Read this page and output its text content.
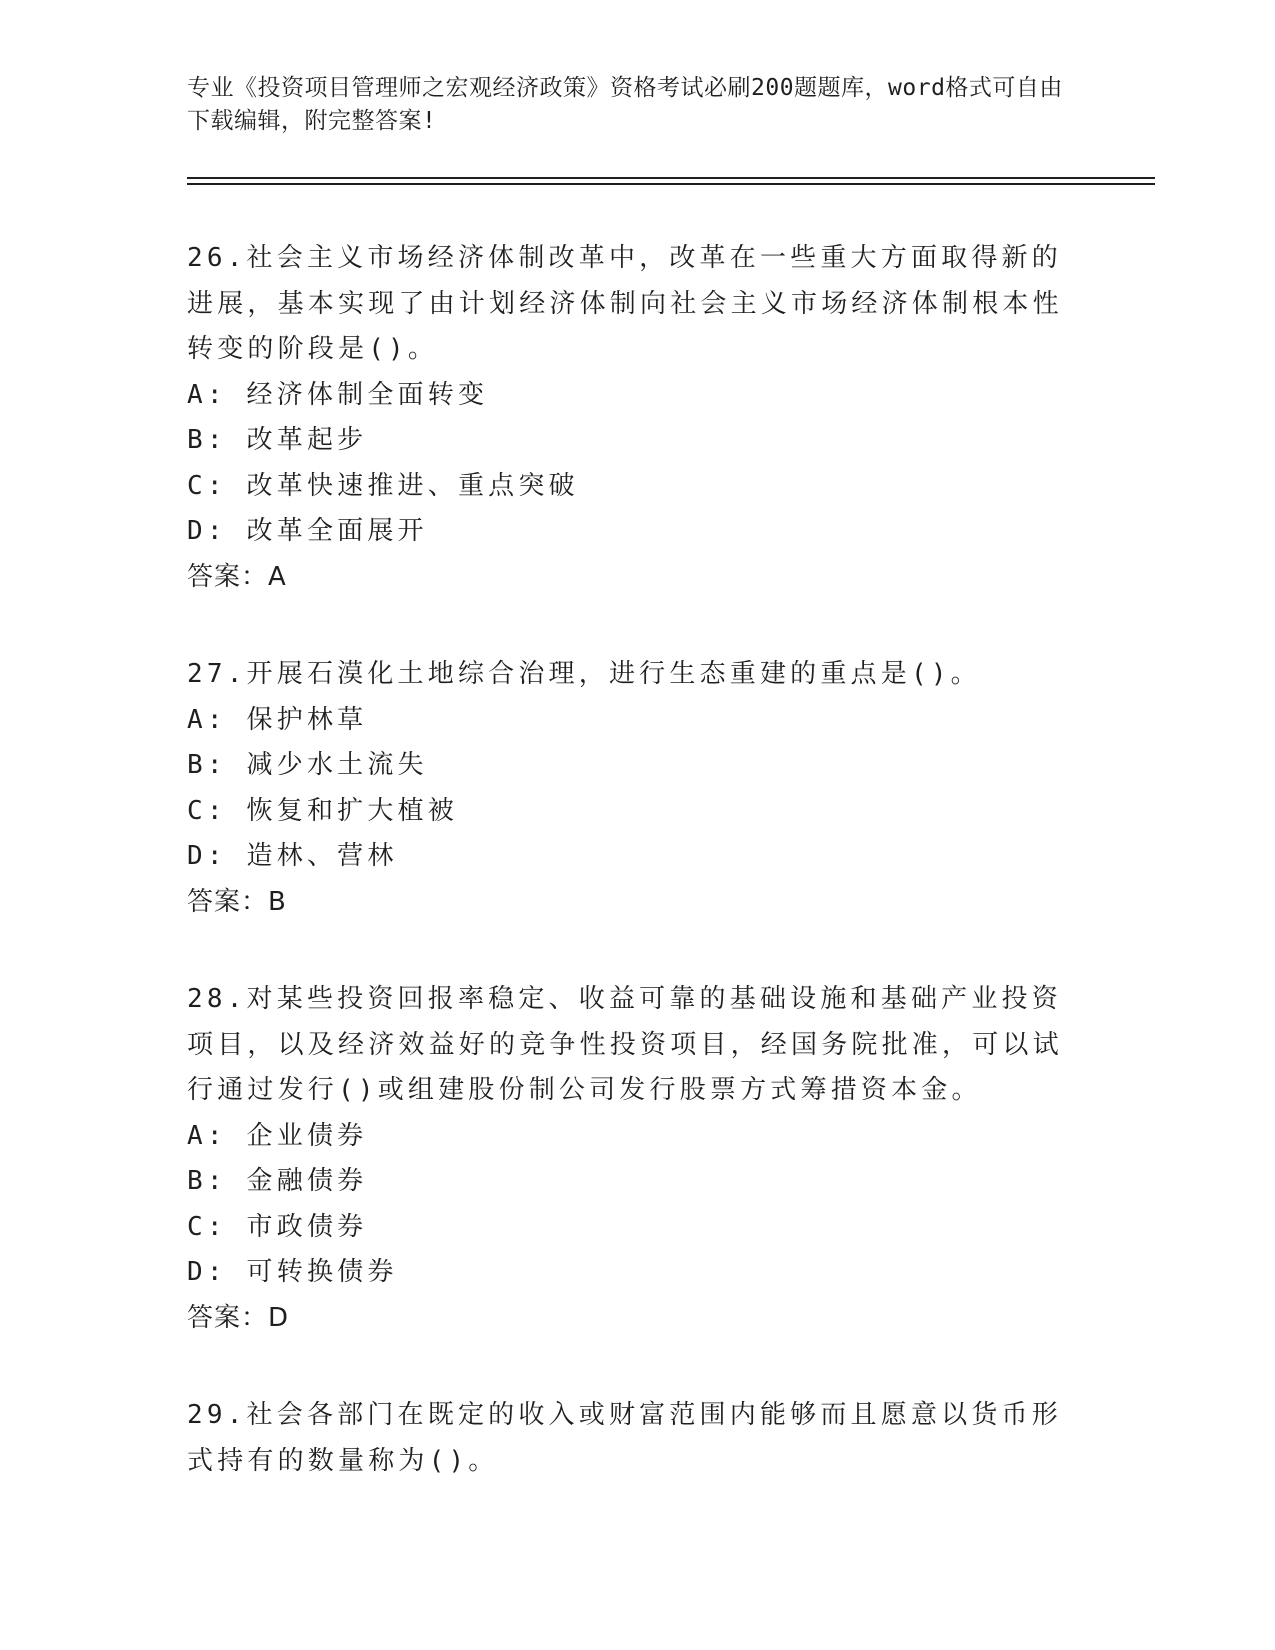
专业《投资项目管理师之宏观经济政策》资格考试必刷200题题库，word格式可自由下载编辑，附完整答案!

26.社会主义市场经济体制改革中，改革在一些重大方面取得新的进展，基本实现了由计划经济体制向社会主义市场经济体制根本性转变的阶段是()。

A: 经济体制全面转变

B: 改革起步

C: 改革快速推进、重点突破

D: 改革全面展开

答案：A

27.开展石漠化土地综合治理，进行生态重建的重点是()。

A: 保护林草

B: 减少水土流失

C: 恢复和扩大植被

D: 造林、营林

答案：B

28.对某些投资回报率稳定、收益可靠的基础设施和基础产业投资项目，以及经济效益好的竞争性投资项目，经国务院批准，可以试行通过发行()或组建股份制公司发行股票方式筹措资本金。

A: 企业债券

B: 金融债券

C: 市政债券

D: 可转换债券

答案：D

29.社会各部门在既定的收入或财富范围内能够而且愿意以货币形式持有的数量称为()。
